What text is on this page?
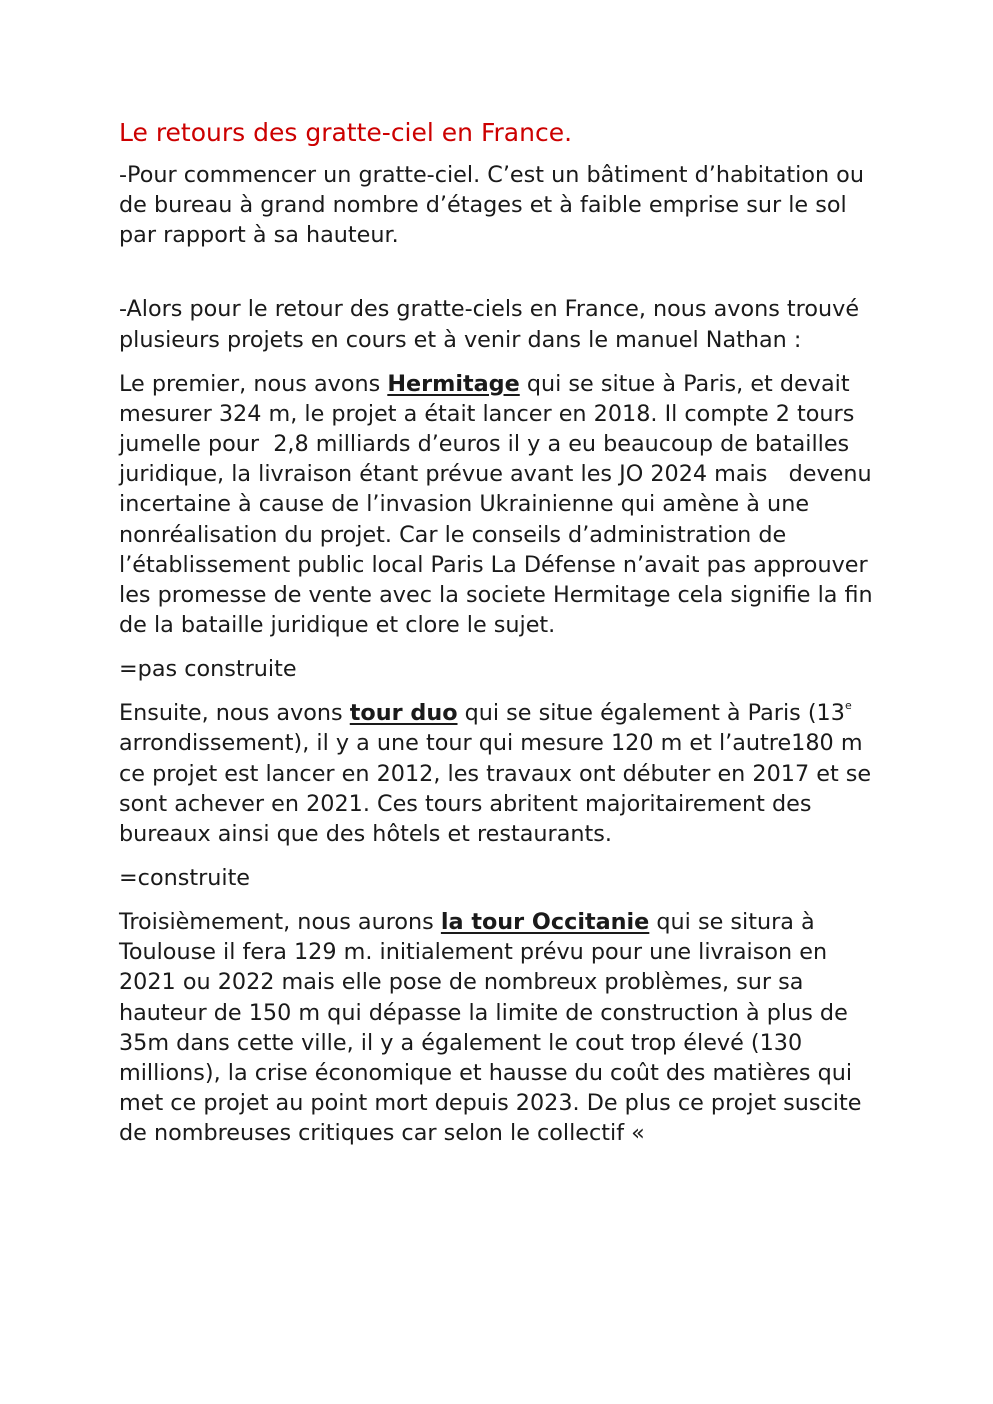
Le retours des gratte-ciel en France.

-Pour commencer un gratte-ciel. C’est un bâtiment d’habitation ou de bureau à grand nombre d’étages et à faible emprise sur le sol par rapport à sa hauteur.

-Alors pour le retour des gratte-ciels en France, nous avons trouvé plusieurs projets en cours et à venir dans le manuel Nathan :

Le premier, nous avons Hermitage qui se situe à Paris, et devait mesurer 324 m, le projet a était lancer en 2018. Il compte 2 tours jumelle pour  2,8 milliards d’euros il y a eu beaucoup de batailles juridique, la livraison étant prévue avant les JO 2024 mais   devenu incertaine à cause de l’invasion Ukrainienne qui amène à une nonréalisation du projet. Car le conseils d’administration de l’établissement public local Paris La Défense n’avait pas approuver les promesse de vente avec la societe Hermitage cela signifie la fin de la bataille juridique et clore le sujet.

=pas construite

Ensuite, nous avons tour duo qui se situe également à Paris (13e arrondissement), il y a une tour qui mesure 120 m et l’autre180 m ce projet est lancer en 2012, les travaux ont débuter en 2017 et se sont achever en 2021. Ces tours abritent majoritairement des bureaux ainsi que des hôtels et restaurants.

=construite

Troisièmement, nous aurons la tour Occitanie qui se situra à Toulouse il fera 129 m. initialement prévu pour une livraison en 2021 ou 2022 mais elle pose de nombreux problèmes, sur sa hauteur de 150 m qui dépasse la limite de construction à plus de 35m dans cette ville, il y a également le cout trop élevé (130 millions), la crise économique et hausse du coût des matières qui met ce projet au point mort depuis 2023. De plus ce projet suscite de nombreuses critiques car selon le collectif «
